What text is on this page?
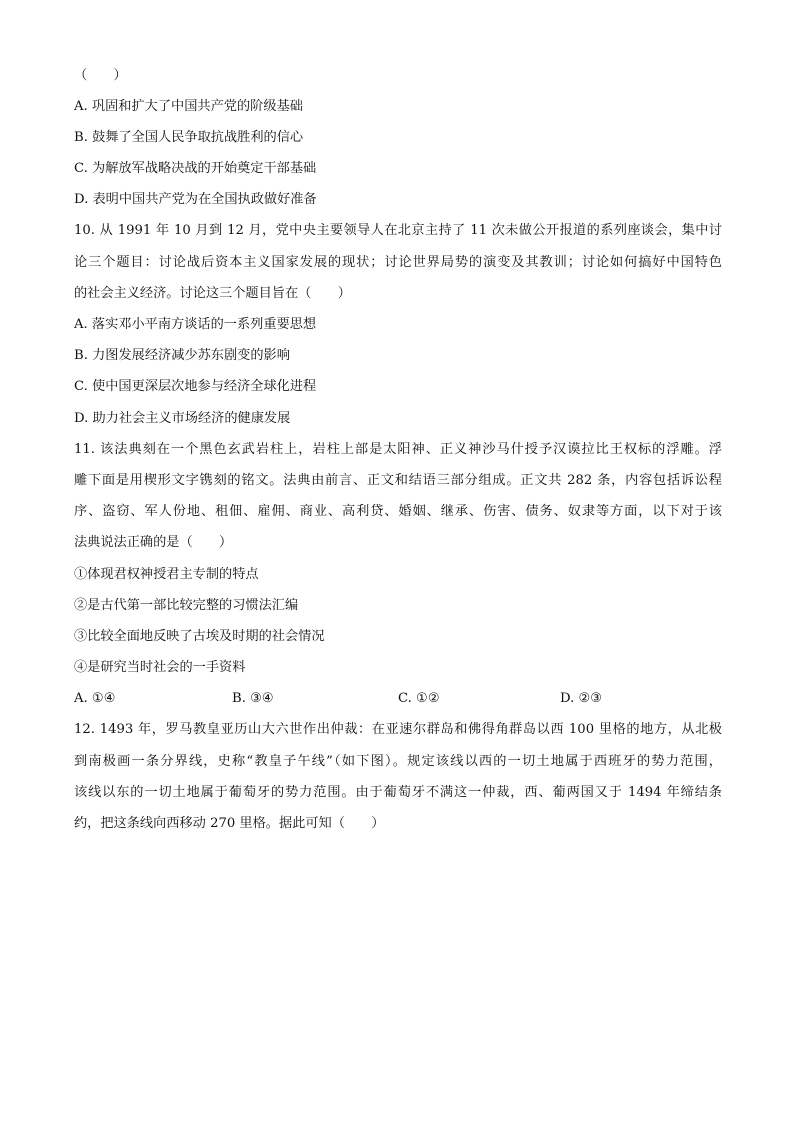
（　　）
A. 巩固和扩大了中国共产党的阶级基础
B. 鼓舞了全国人民争取抗战胜利的信心
C. 为解放军战略决战的开始奠定干部基础
D. 表明中国共产党为在全国执政做好准备
10. 从 1991 年 10 月到 12 月，党中央主要领导人在北京主持了 11 次未做公开报道的系列座谈会，集中讨
论三个题目：讨论战后资本主义国家发展的现状；讨论世界局势的演变及其教训；讨论如何搞好中国特色
的社会主义经济。讨论这三个题目旨在（　　）
A. 落实邓小平南方谈话的一系列重要思想
B. 力图发展经济减少苏东剧变的影响
C. 使中国更深层次地参与经济全球化进程
D. 助力社会主义市场经济的健康发展
11. 该法典刻在一个黑色玄武岩柱上，岩柱上部是太阳神、正义神沙马什授予汉谟拉比王权标的浮雕。浮
雕下面是用楔形文字镌刻的铭文。法典由前言、正文和结语三部分组成。正文共 282 条，内容包括诉讼程
序、盗窃、军人份地、租佃、雇佣、商业、高利贷、婚姻、继承、伤害、债务、奴隶等方面，以下对于该
法典说法正确的是（　　）
①体现君权神授君主专制的特点
②是古代第一部比较完整的习惯法汇编
③比较全面地反映了古埃及时期的社会情况
④是研究当时社会的一手资料
A. ①④	B. ③④	C. ①②	D. ②③
12. 1493 年，罗马教皇亚历山大六世作出仲裁：在亚速尔群岛和佛得角群岛以西 100 里格的地方，从北极
到南极画一条分界线，史称“教皇子午线”（如下图）。规定该线以西的一切土地属于西班牙的势力范围，
该线以东的一切土地属于葡萄牙的势力范围。由于葡萄牙不满这一仲裁，西、葡两国又于 1494 年缔结条
约，把这条线向西移动 270 里格。据此可知（　　）
